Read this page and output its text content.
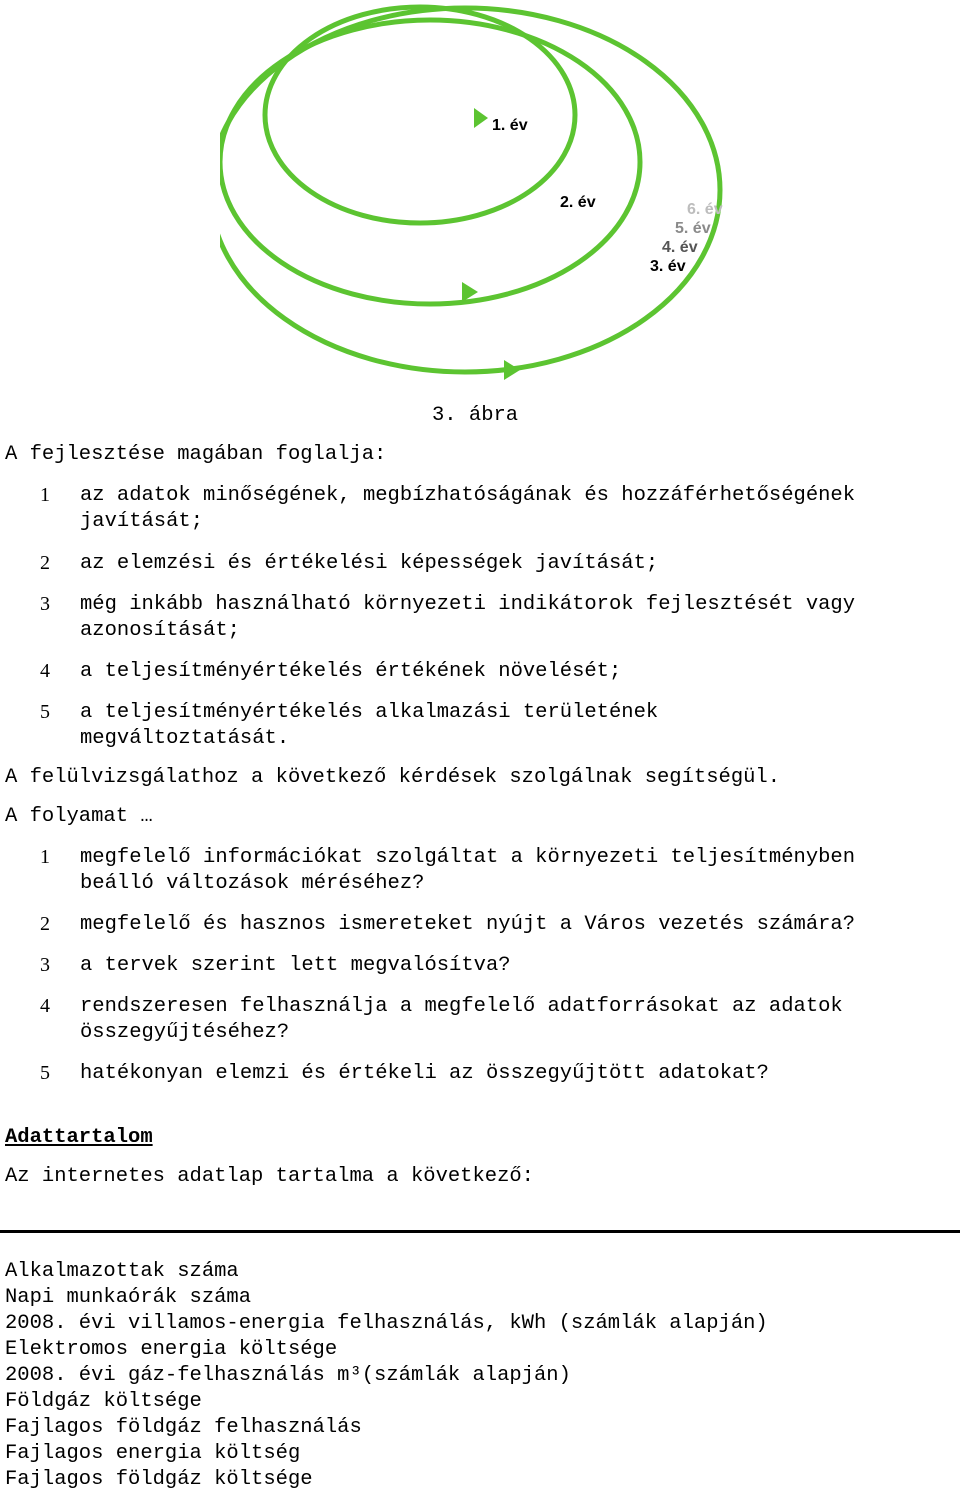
1. év
2. év
3. év
4. év
5. év
6. év
3. ábra
A fejlesztése magában foglalja:
1 az adatok minőségének, megbízhatóságának és hozzáférhetőségének
javítását;
2 az elemzési és értékelési képességek javítását;
3 még inkább használható környezeti indikátorok fejlesztését vagy
azonosítását;
4 a teljesítményértékelés értékének növelését;
5 a teljesítményértékelés alkalmazási területének
megváltoztatását.
A felülvizsgálathoz a következő kérdések szolgálnak segítségül.
A folyamat …
1 megfelelő információkat szolgáltat a környezeti teljesítményben
beálló változások méréséhez?
2 megfelelő és hasznos ismereteket nyújt a Város vezetés számára?
3 a tervek szerint lett megvalósítva?
4 rendszeresen felhasználja a megfelelő adatforrásokat az adatok
összegyűjtéséhez?
5 hatékonyan elemzi és értékeli az összegyűjtött adatokat?
Adattartalom
Az internetes adatlap tartalma a következő:
Alkalmazottak száma
Napi munkaórák száma
2008. évi villamos-energia felhasználás, kWh (számlák alapján)
Elektromos energia költsége
2008. évi gáz-felhasználás m³(számlák alapján)
Földgáz költsége
Fajlagos földgáz felhasználás
Fajlagos energia költség
Fajlagos földgáz költsége
